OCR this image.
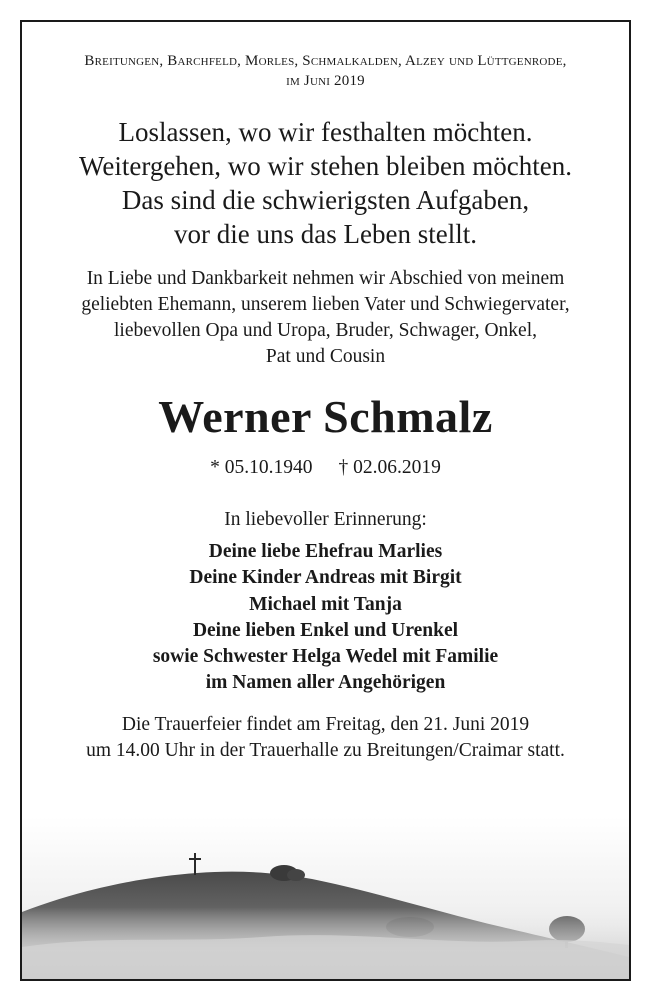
Breitungen, Barchfeld, Morles, Schmalkalden, Alzey und Lüttgenrode,
im Juni 2019
Loslassen, wo wir festhalten möchten.
Weitergehen, wo wir stehen bleiben möchten.
Das sind die schwierigsten Aufgaben,
vor die uns das Leben stellt.
In Liebe und Dankbarkeit nehmen wir Abschied von meinem
geliebten Ehemann, unserem lieben Vater und Schwiegervater,
liebevollen Opa und Uropa, Bruder, Schwager, Onkel,
Pat und Cousin
Werner Schmalz
* 05.10.1940 † 02.06.2019
In liebevoller Erinnerung:
Deine liebe Ehefrau Marlies
Deine Kinder Andreas mit Birgit
Michael mit Tanja
Deine lieben Enkel und Urenkel
sowie Schwester Helga Wedel mit Familie
im Namen aller Angehörigen
Die Trauerfeier findet am Freitag, den 21. Juni 2019
um 14.00 Uhr in der Trauerhalle zu Breitungen/Craimar statt.
